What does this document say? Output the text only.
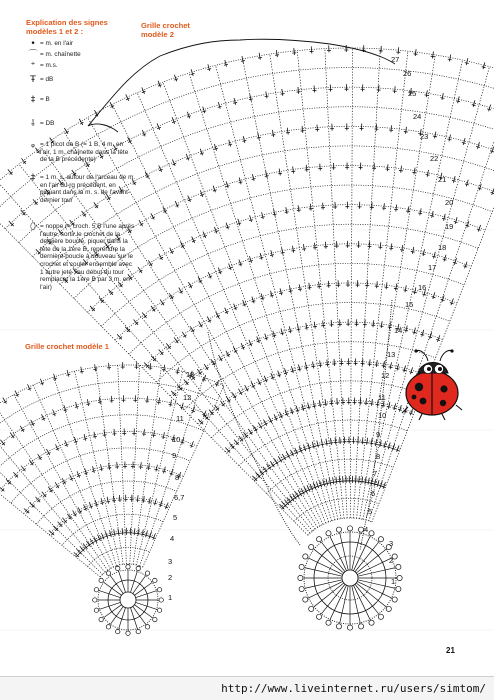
Explication des signes modèles 1 et 2 :
• = m. en l'air
⌒ = m. chaînette
⁺ = m.s.
Ŧ = dB
‡ = B
⸸ = DB
ᵩ = 1 picot de B (= 1 B, 4 m. en l'air, 1 m. chaînette dans la tête de la B précédente)
‡ = 1 m. s. autour de l'arceau de m. en l'air du rg précédent, en piquant dans la m. s. de l'avant-dernier tour
⬯ = noppe (= croch. 5 B l'une après l'autre, sortir le crochet de la dernière boucle, piquer dans la tête de la 1ère B, reprendre la dernière boucle à nouveau sur le crochet et couler ensemble avec 1 autre jeté ; au début du tour remplacer la 1ère B par 3 m. en l'air)
Grille crochet modèle 2
Grille crochet modèle 1
27
26
25
24
23
22
21
20
19
18
17
16
15
14
13
12
11
10
9
8
7
6
5
4
3
2
1
13
12
11
10
9
8
6,7
5
4
3
2
1
21
http://www.liveinternet.ru/users/simtom/
